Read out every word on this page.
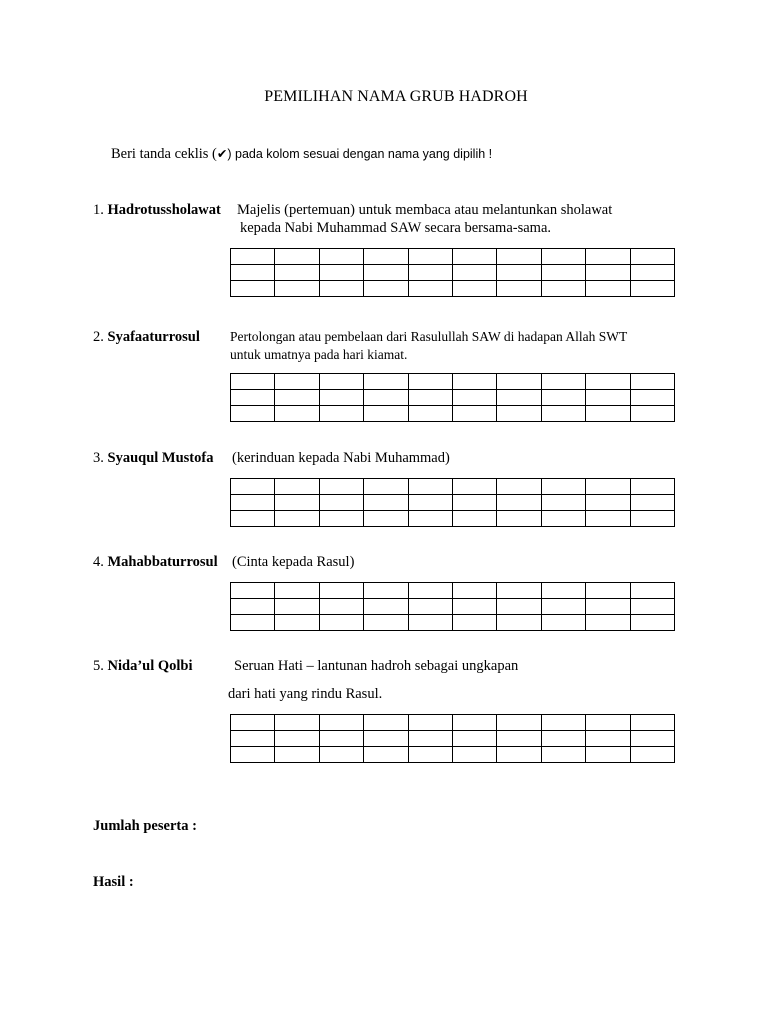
PEMILIHAN NAMA GRUB HADROH
Beri tanda ceklis (✔) pada kolom sesuai dengan nama yang dipilih !
1. Hadrotussholawat Majelis (pertemuan) untuk membaca atau melantunkan sholawat
kepada Nabi Muhammad SAW secara bersama-sama.

2. Syafaaturrosul Pertolongan atau pembelaan dari Rasulullah SAW di hadapan Allah SWT
untuk umatnya pada hari kiamat.

3. Syauqul Mustofa (kerinduan kepada Nabi Muhammad)

4. Mahabbaturrosul (Cinta kepada Rasul)

5. Nida’ul Qolbi	Seruan Hati – lantunan hadroh sebagai ungkapan
dari hati yang rindu Rasul.

Jumlah peserta :
Hasil :
